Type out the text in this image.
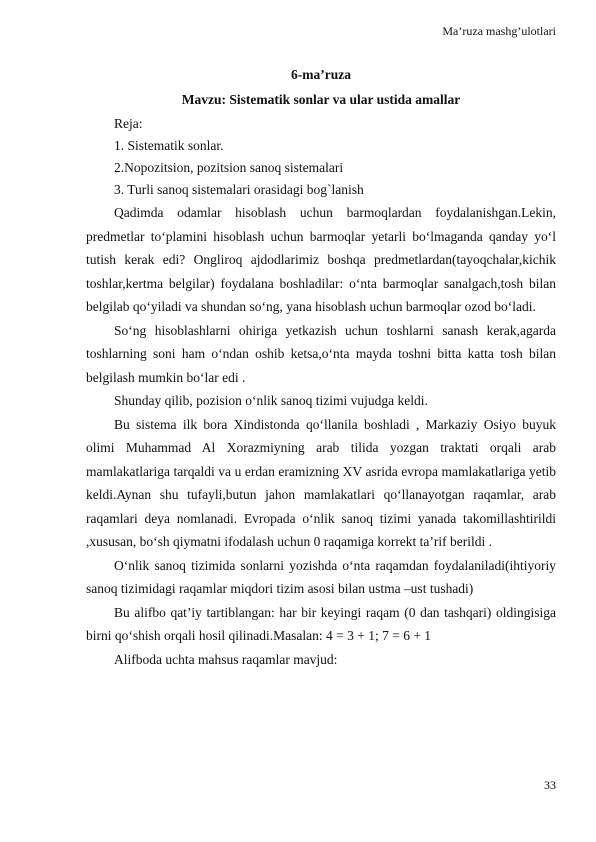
Ma’ruza mashg’ulotlari
6-ma’ruza
Mavzu: Sistematik sonlar va ular ustida amallar
Reja:
1. Sistematik sonlar.
2.Nopozitsion, pozitsion sanoq sistemalari
3. Turli sanoq sistemalari orasidagi bog`lanish

Qadimda odamlar hisoblash uchun barmoqlardan foydalanishgan.Lekin, predmetlar to‘plamini hisoblash uchun barmoqlar yetarli bo‘lmaganda qanday yo‘l tutish kerak edi? Ongliroq ajdodlarimiz boshqa predmetlardan(tayoqchalar,kichik toshlar,kertma belgilar) foydalana boshladilar: o‘nta barmoqlar sanalgach,tosh bilan belgilab qo‘yiladi va shundan so‘ng, yana hisoblash uchun barmoqlar ozod bo‘ladi.

So‘ng hisoblashlarni ohiriga yetkazish uchun toshlarni sanash kerak,agarda toshlarning soni ham o‘ndan oshib ketsa,o‘nta mayda toshni bitta katta tosh bilan belgilash mumkin bo‘lar edi .

Shunday qilib, pozision o‘nlik sanoq tizimi vujudga keldi.

Bu sistema ilk bora Xindistonda qo‘llanila boshladi , Markaziy Osiyo buyuk olimi Muhammad Al Xorazmiyning arab tilida yozgan traktati orqali arab mamlakatlariga tarqaldi va u erdan eramizning XV asrida evropa mamlakatlariga yetib keldi.Aynan shu tufayli,butun jahon mamlakatlari qo‘llanayotgan raqamlar, arab raqamlari deya nomlanadi. Evropada o‘nlik sanoq tizimi yanada takomillashtirildi ,xususan, bo‘sh qiymatni ifodalash uchun 0 raqamiga korrekt ta’rif berildi .

O‘nlik sanoq tizimida sonlarni yozishda o‘nta raqamdan foydalaniladi(ihtiyoriy sanoq tizimidagi raqamlar miqdori tizim asosi bilan ustma –ust tushadi)

Bu alifbo qat’iy tartiblangan: har bir keyingi raqam (0 dan tashqari) oldingisiga birni qo‘shish orqali hosil qilinadi.Masalan: 4 = 3 + 1; 7 = 6 + 1

Alifboda uchta mahsus raqamlar mavjud:

33
